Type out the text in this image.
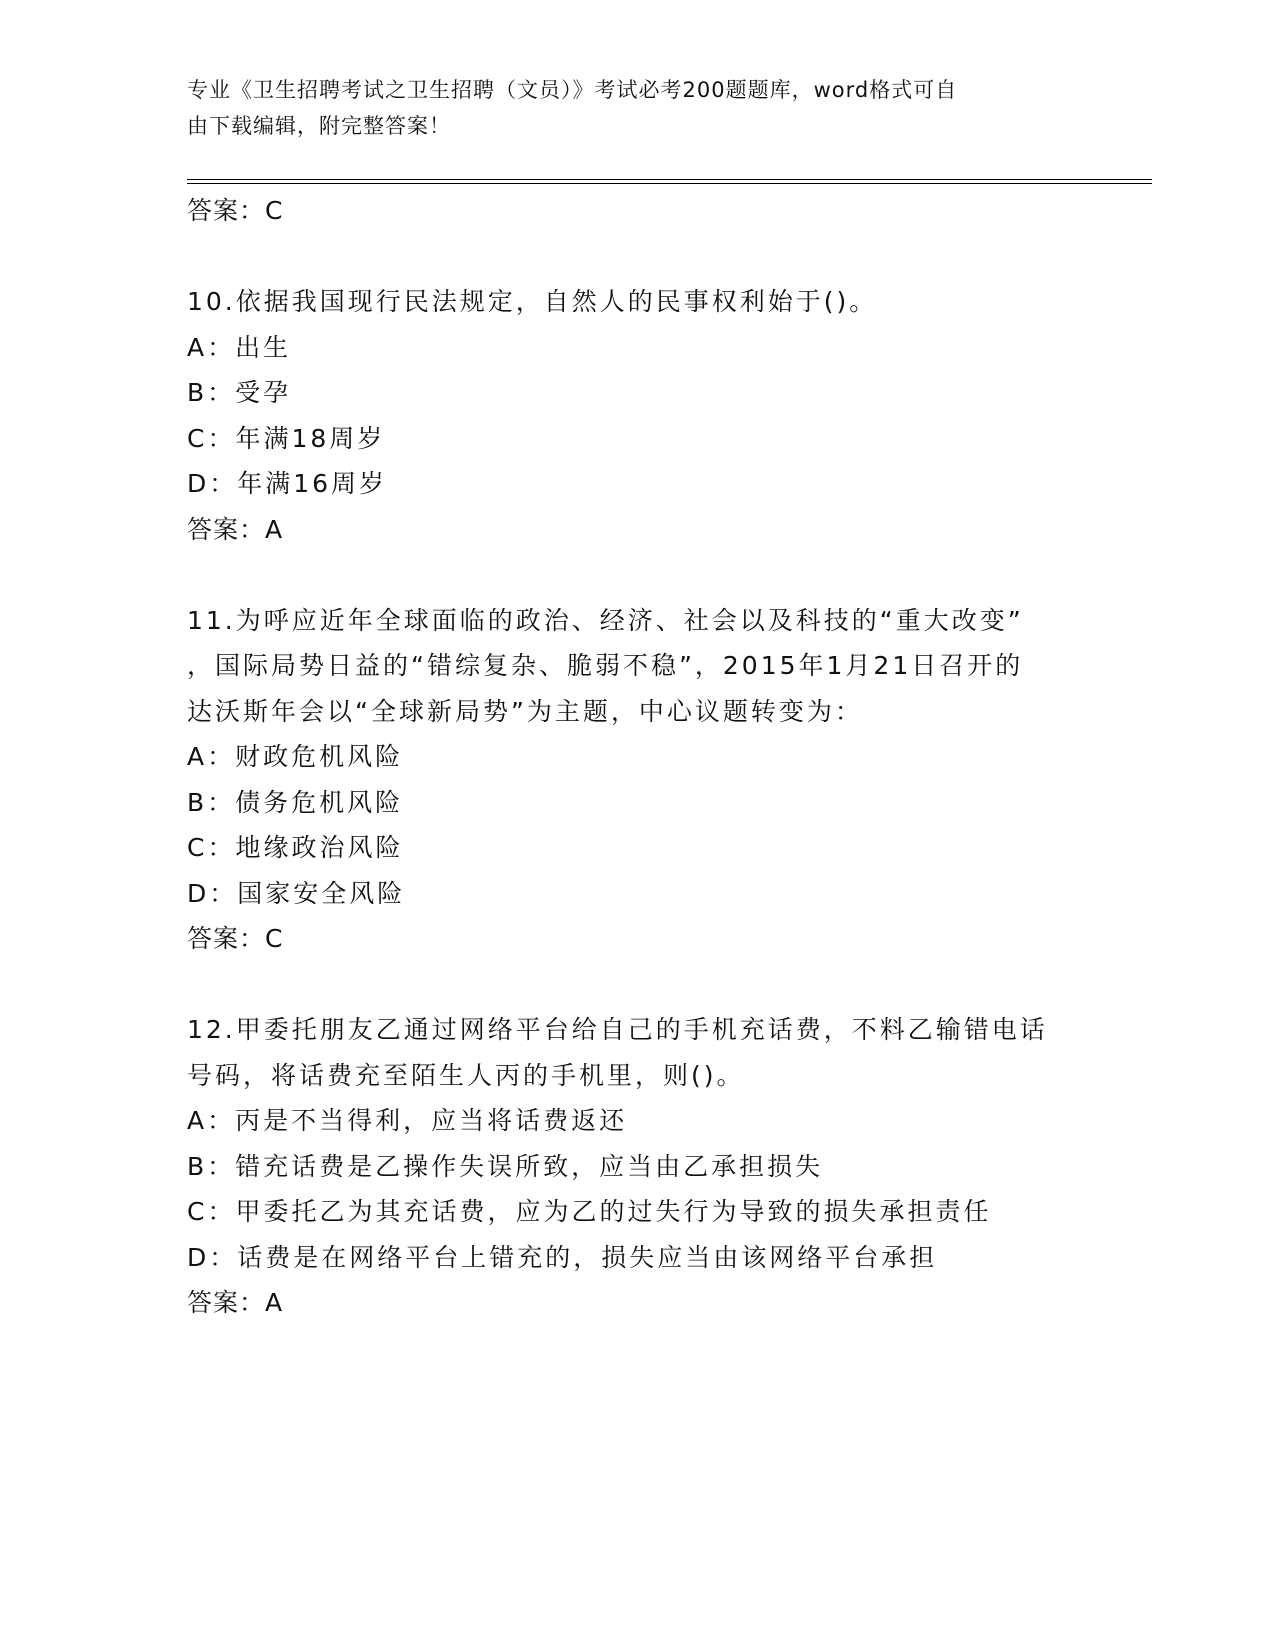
专业《卫生招聘考试之卫生招聘（文员）》考试必考200题题库，word格式可自
由下载编辑，附完整答案！
答案：C
10.依据我国现行民法规定，自然人的民事权利始于()。
A：出生
B：受孕
C：年满18周岁
D：年满16周岁
答案：A
11.为呼应近年全球面临的政治、经济、社会以及科技的“重大改变”
，国际局势日益的“错综复杂、脆弱不稳”，2015年1月21日召开的
达沃斯年会以“全球新局势”为主题，中心议题转变为：
A：财政危机风险
B：债务危机风险
C：地缘政治风险
D：国家安全风险
答案：C
12.甲委托朋友乙通过网络平台给自己的手机充话费，不料乙输错电话
号码，将话费充至陌生人丙的手机里，则()。
A：丙是不当得利，应当将话费返还
B：错充话费是乙操作失误所致，应当由乙承担损失
C：甲委托乙为其充话费，应为乙的过失行为导致的损失承担责任
D：话费是在网络平台上错充的，损失应当由该网络平台承担
答案：A
